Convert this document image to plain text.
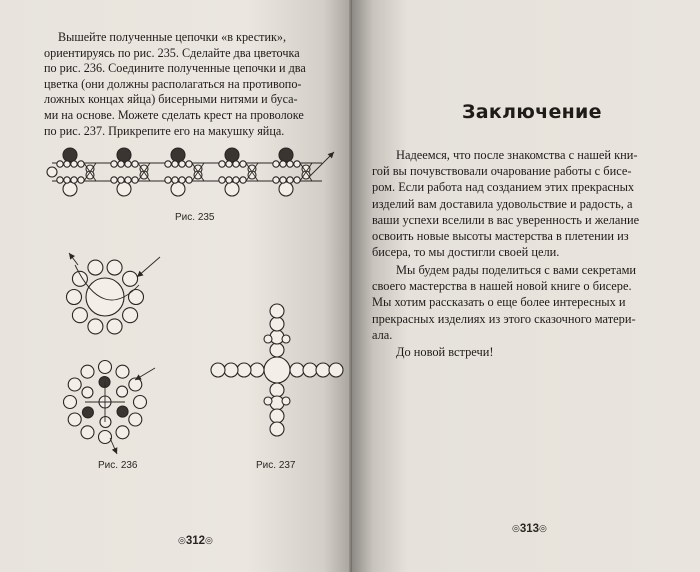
Вышейте полученные цепочки «в крестик»,
ориентируясь по рис. 235. Сделайте два цветочка
по рис. 236. Соедините полученные цепочки и два
цветка (они должны располагаться на противопо-
ложных концах яйца) бисерными нитями и буса-
ми на основе. Можете сделать крест на проволоке
по рис. 237. Прикрепите его на макушку яйца.
Рис. 235
Рис. 236	Рис. 237
◎312◎
Заключение
Надеемся, что после знакомства с нашей кни-
гой вы почувствовали очарование работы с бисе-
ром. Если работа над созданием этих прекрасных
изделий вам доставила удовольствие и радость, а
ваши успехи вселили в вас уверенность и желание
освоить новые высоты мастерства в плетении из
бисера, то мы достигли своей цели.
Мы будем рады поделиться с вами секретами
своего мастерства в нашей новой книге о бисере.
Мы хотим рассказать о еще более интересных и
прекрасных изделиях из этого сказочного матери-
ала.
До новой встречи!
◎313◎
